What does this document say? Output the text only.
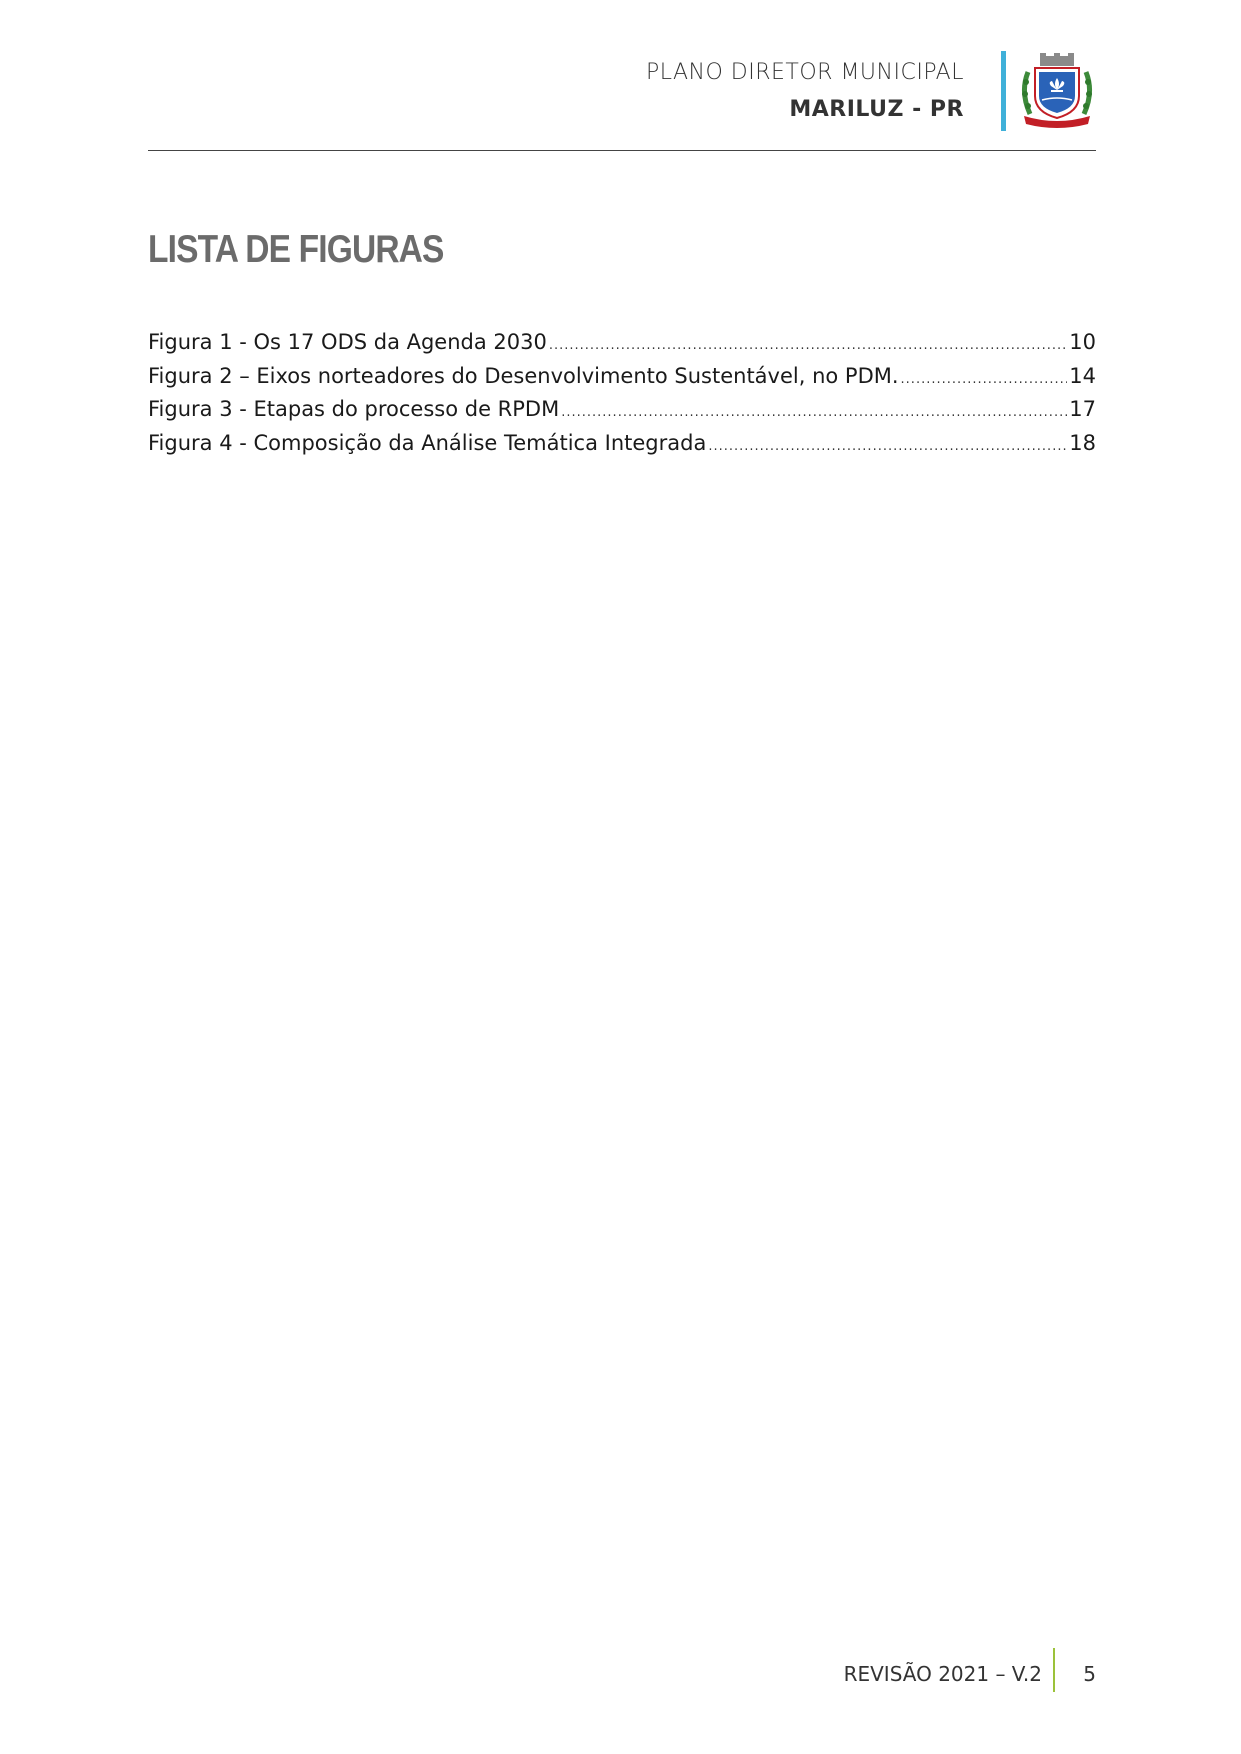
PLANO DIRETOR MUNICIPAL
MARILUZ - PR
LISTA DE FIGURAS
Figura 1 - Os 17 ODS da Agenda 2030 .....	10
Figura 2 – Eixos norteadores do Desenvolvimento Sustentável, no PDM. .....	14
Figura 3 - Etapas do processo de RPDM .....	17
Figura 4 - Composição da Análise Temática Integrada .....	18
REVISÃO 2021 – V.2 5
